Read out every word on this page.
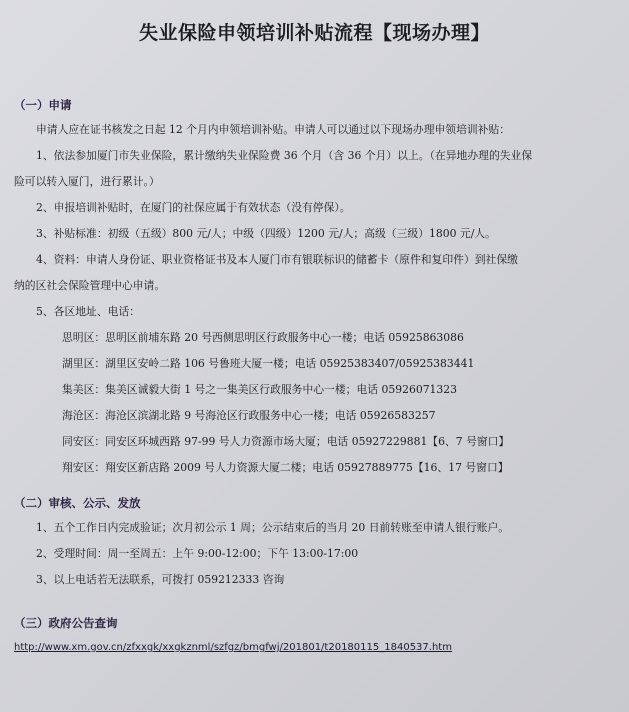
失业保险申领培训补贴流程【现场办理】
（一）申请
申请人应在证书核发之日起 12 个月内申领培训补贴。申请人可以通过以下现场办理申领培训补贴：
1、依法参加厦门市失业保险，累计缴纳失业保险费 36 个月（含 36 个月）以上。（在异地办理的失业保
险可以转入厦门，进行累计。）
2、申报培训补贴时，在厦门的社保应属于有效状态（没有停保）。
3、补贴标准：初级（五级）800 元/人；中级（四级）1200 元/人；高级（三级）1800 元/人。
4、资料：申请人身份证、职业资格证书及本人厦门市有银联标识的储蓄卡（原件和复印件）到社保缴
纳的区社会保险管理中心申请。
5、各区地址、电话：
思明区：思明区前埔东路 20 号西侧思明区行政服务中心一楼；电话 05925863086
湖里区：湖里区安岭二路 106 号鲁班大厦一楼；电话 05925383407/05925383441
集美区：集美区诚毅大街 1 号之一集美区行政服务中心一楼；电话 05926071323
海沧区：海沧区滨湖北路 9 号海沧区行政服务中心一楼；电话 05926583257
同安区：同安区环城西路 97-99 号人力资源市场大厦；电话 05927229881【6、7 号窗口】
翔安区：翔安区新店路 2009 号人力资源大厦二楼；电话 05927889775【16、17 号窗口】
（二）审核、公示、发放
1、五个工作日内完成验证；次月初公示 1 周；公示结束后的当月 20 日前转账至申请人银行账户。
2、受理时间：周一至周五：上午 9:00-12:00；下午 13:00-17:00
3、以上电话若无法联系，可拨打 059212333 咨询
（三）政府公告查询
http://www.xm.gov.cn/zfxxgk/xxgkznml/szfgz/bmgfwj/201801/t20180115_1840537.htm
